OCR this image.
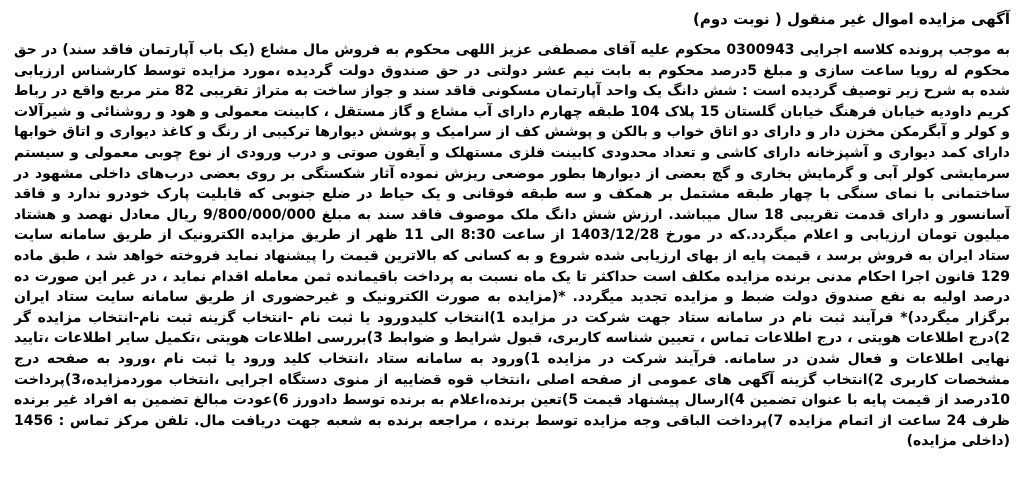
آگهی مزایده اموال غیر منقول ( نوبت دوم)

به موجب پرونده کلاسه اجرایی 0300943 محکوم علیه آقای مصطفی عزیز اللهی محکوم به فروش مال مشاع (یک باب آپارتمان فاقد سند) در حق محکوم له رویا ساعت سازی و مبلغ 5درصد محکوم به بابت نیم عشر دولتی در حق صندوق دولت گردیده ،مورد مزایده توسط کارشناس ارزیابی شده به شرح زیر توصیف گردیده است : شش دانگ یک واحد آپارتمان مسکونی فاقد سند و جواز ساخت به متراژ تقریبی 82 متر مربع واقع در رباط کریم داودیه خیابان فرهنگ خیابان گلستان 15 پلاک 104 طبقه چهارم دارای آب مشاع و گاز مستقل ، کابینت معمولی و هود و روشنائی و شیرآلات و کولر و آبگرمکن مخزن دار و دارای دو اتاق خواب و بالکن و پوشش کف از سرامیک و پوشش دیوارها ترکیبی از رنگ و کاغذ دیواری و اتاق خوابها دارای کمد دیواری و آشپزخانه دارای کاشی و تعداد محدودی کابینت فلزی مستهلک و آیفون صوتی و درب ورودی از نوع چوبی معمولی و سیستم سرمایشی کولر آبی و گرمایش بخاری و گچ بعضی از دیوارها بطور موضعی ریزش نموده آثار شکستگی بر روی بعضی درب‌های داخلی مشهود در ساختمانی با نمای سنگی با چهار طبقه مشتمل بر همکف و سه طبقه فوقانی و یک حیاط در ضلع جنوبی که قابلیت پارک خودرو ندارد و فاقد آسانسور و دارای قدمت تقریبی 18 سال میباشد. ارزش شش دانگ ملک موصوف فاقد سند به مبلغ 9/800/000/000 ریال معادل نهصد و هشتاد میلیون تومان ارزیابی و اعلام میگردد.که در مورخ 1403/12/28 از ساعت 8:30 الی 11 ظهر از طریق مزایده الکترونیک از طریق سامانه سایت ستاد ایران به فروش برسد ، قیمت پایه از بهای ارزیابی شده شروع و به کسانی که بالاترین قیمت را پیشنهاد نماید فروخته خواهد شد ، طبق ماده 129 قانون اجرا احکام مدنی برنده مزایده مکلف است حداکثر تا یک ماه نسبت به پرداخت باقیمانده ثمن معامله اقدام نماید ، در غیر این صورت ده درصد اولیه به نفع صندوق دولت ضبط و مزایده تجدید میگردد. *(مزایده به صورت الکترونیک و غیرحضوری از طریق سامانه سایت ستاد ایران برگزار میگردد)* فرآیند ثبت نام در سامانه ستاد جهت شرکت در مزایده 1)انتخاب کلیدورود یا ثبت نام -انتخاب گزینه ثبت نام-انتخاب مزایده گر 2)درج اطلاعات هویتی ، درج اطلاعات تماس ، تعیین شناسه کاربری، قبول شرایط و ضوابط 3)بررسی اطلاعات هویتی ،تکمیل سایر اطلاعات ،تایید نهایی اطلاعات و فعال شدن در سامانه. فرآیند شرکت در مزایده 1)ورود به سامانه ستاد ،انتخاب کلید ورود یا ثبت نام ،ورود به صفحه درج مشخصات کاربری 2)انتخاب گزینه آگهی های عمومی از صفحه اصلی ،انتخاب قوه قضاییه از منوی دستگاه اجرایی ،انتخاب موردمزایده،3)پرداخت 10درصد از قیمت پایه با عنوان تضمین 4)ارسال پیشنهاد قیمت 5)تعین برنده،اعلام به برنده توسط دادورز 6)عودت مبالغ تضمین به افراد غیر برنده ظرف 24 ساعت از اتمام مزایده 7)پرداخت الباقی وجه مزایده توسط برنده ، مراجعه برنده به شعبه جهت دریافت مال. تلفن مرکز تماس : 1456 (داخلی مزایده)
